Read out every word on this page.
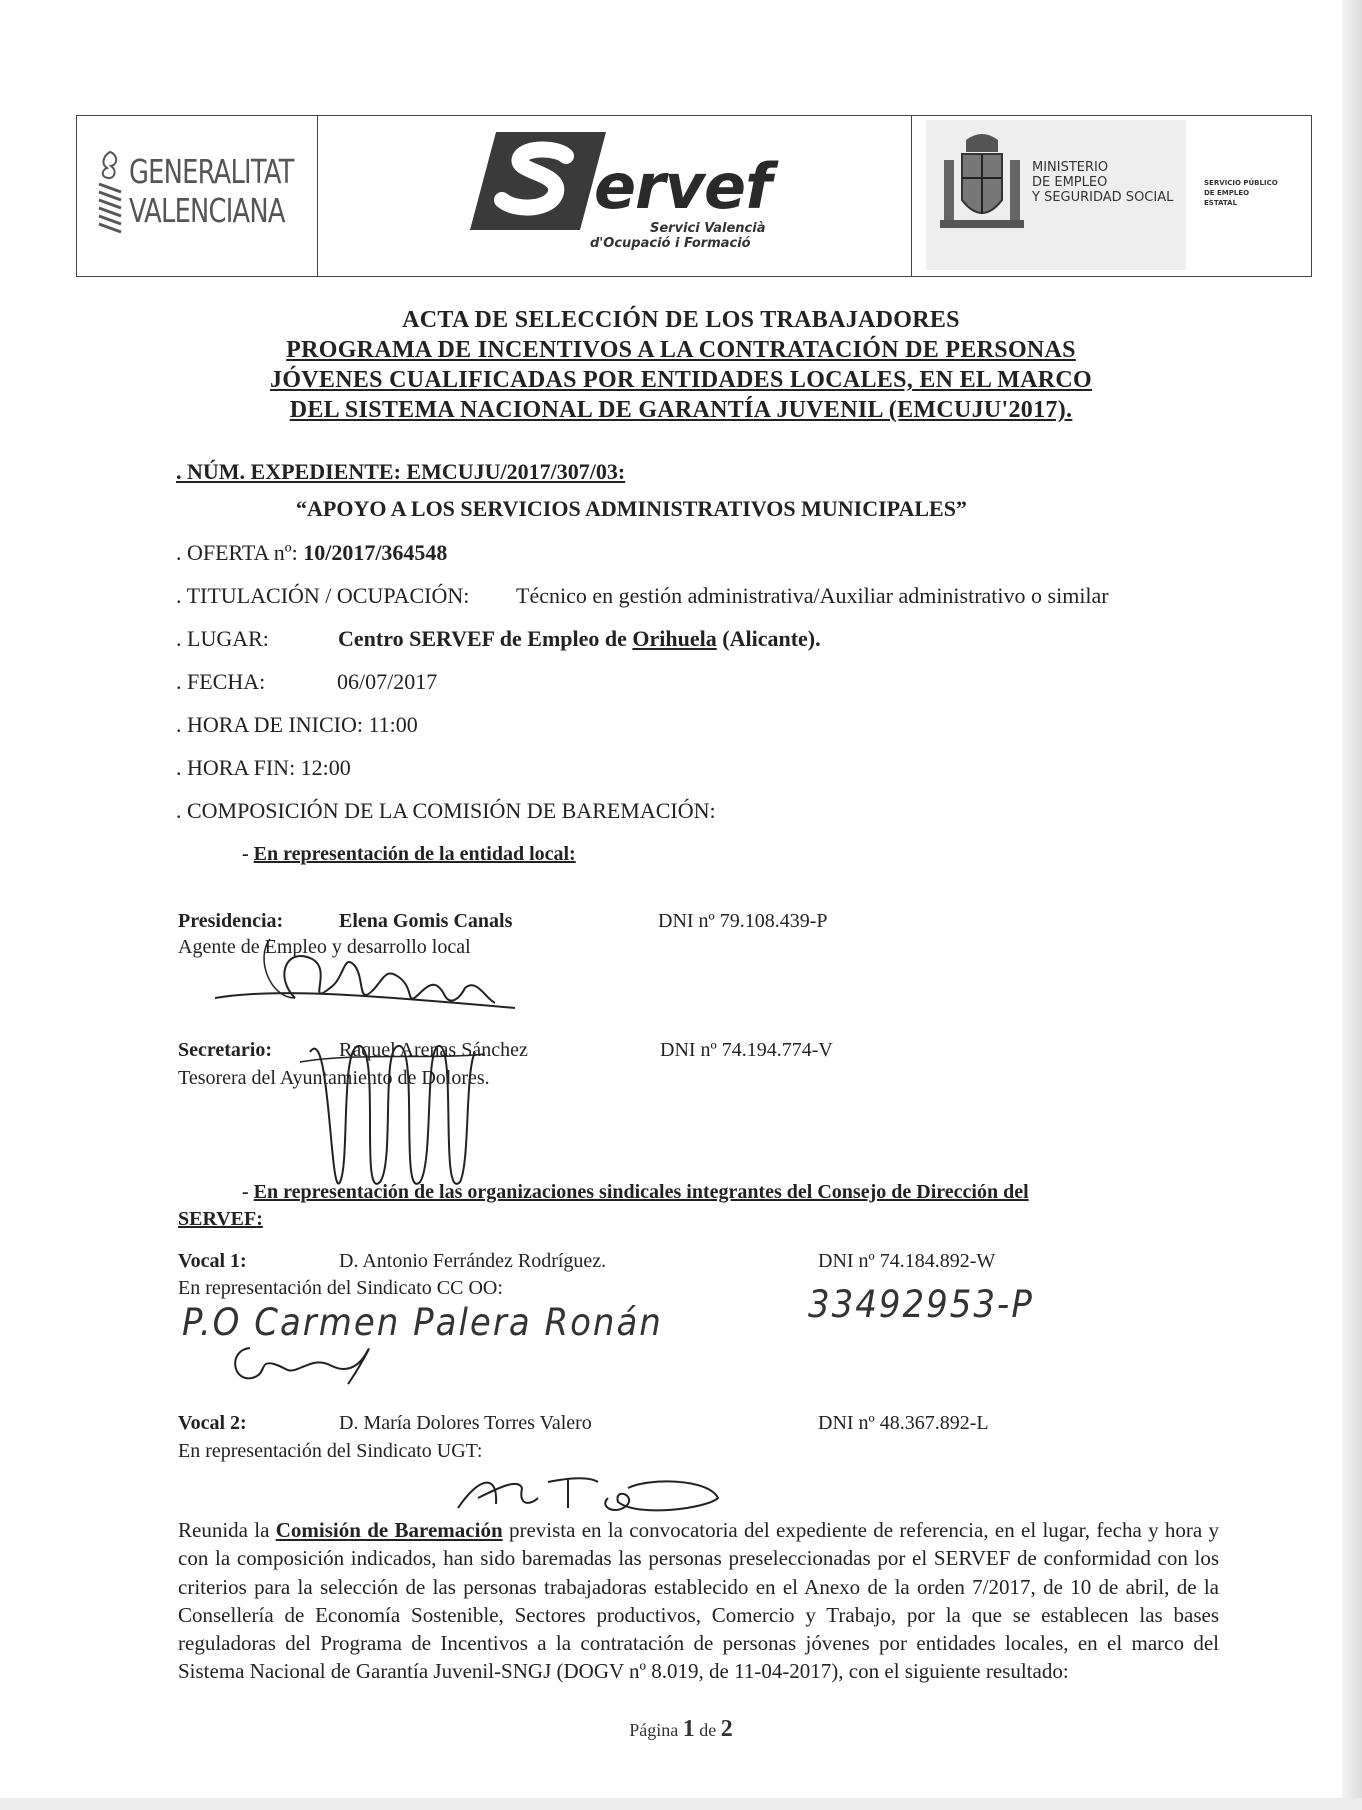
GENERALITAT
VALENCIANA	ervef
Servici Valencià
d'Ocupació i Formació
MINISTERIO
DE EMPLEO
Y SEGURIDAD SOCIAL
SERVICIO PÚBLICO
DE EMPLEO ESTATAL
ACTA DE SELECCIÓN DE LOS TRABAJADORES
PROGRAMA DE INCENTIVOS A LA CONTRATACIÓN DE PERSONAS
JÓVENES CUALIFICADAS POR ENTIDADES LOCALES, EN EL MARCO
DEL SISTEMA NACIONAL DE GARANTÍA JUVENIL (EMCUJU'2017).
. NÚM. EXPEDIENTE: EMCUJU/2017/307/03:
“APOYO A LOS SERVICIOS ADMINISTRATIVOS MUNICIPALES”
. OFERTA nº: 10/2017/364548
. TITULACIÓN / OCUPACIÓN: Técnico en gestión administrativa/Auxiliar administrativo o similar
. LUGAR:	Centro SERVEF de Empleo de Orihuela (Alicante).
. FECHA:	06/07/2017
. HORA DE INICIO: 11:00
. HORA FIN: 12:00
. COMPOSICIÓN DE LA COMISIÓN DE BAREMACIÓN:
- En representación de la entidad local:
Presidencia:	Elena Gomis Canals	DNI nº 79.108.439-P
Agente de Empleo y desarrollo local
Secretario:	Raquel Arenas Sánchez	DNI nº 74.194.774-V
Tesorera del Ayuntamiento de Dolores.
- En representación de las organizaciones sindicales integrantes del Consejo de Dirección del
SERVEF:
Vocal 1:	D. Antonio Ferrández Rodríguez.	DNI nº 74.184.892-W
En representación del Sindicato CC OO:
P.O Carmen Palera Ronán	33492953-P
Vocal 2:	D. María Dolores Torres Valero	DNI nº 48.367.892-L
En representación del Sindicato UGT:
Reunida la Comisión de Baremación prevista en la convocatoria del expediente de referencia, en el lugar, fecha y hora y con la composición indicados, han sido baremadas las personas preseleccionadas por el SERVEF de conformidad con los criterios para la selección de las personas trabajadoras establecido en el Anexo de la orden 7/2017, de 10 de abril, de la Consellería de Economía Sostenible, Sectores productivos, Comercio y Trabajo, por la que se establecen las bases reguladoras del Programa de Incentivos a la contratación de personas jóvenes por entidades locales, en el marco del Sistema Nacional de Garantía Juvenil-SNGJ (DOGV nº 8.019, de 11-04-2017), con el siguiente resultado:
Página 1 de 2
